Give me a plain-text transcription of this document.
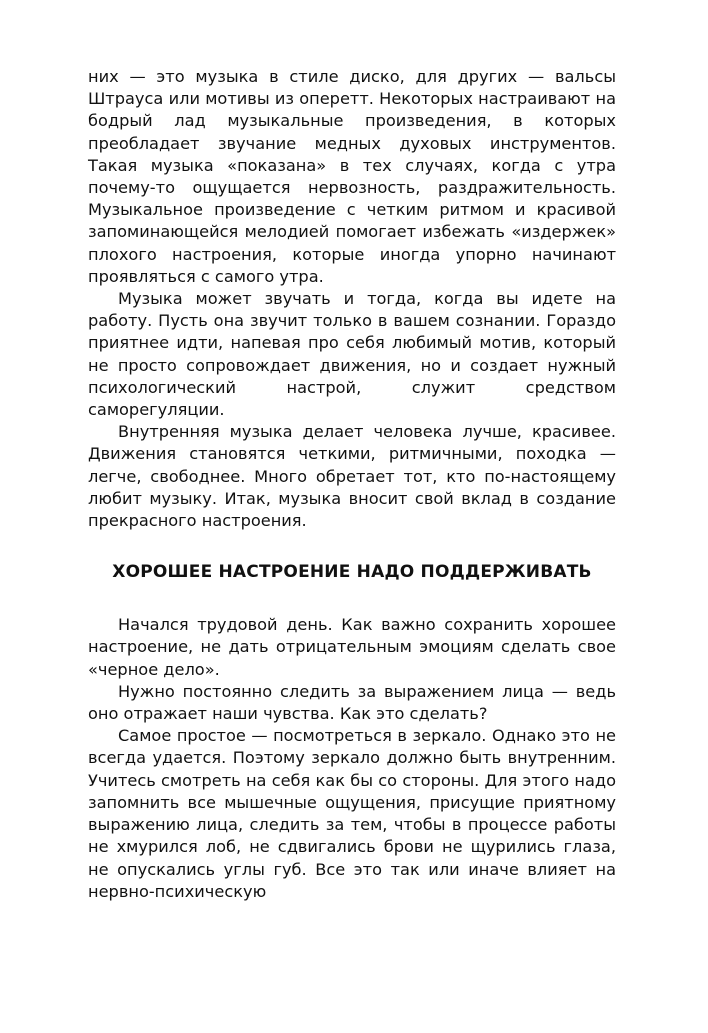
них — это музыка в стиле диско, для других — вальсы Штрауса или мотивы из оперетт. Некоторых настраивают на бодрый лад музыкальные произведения, в которых преобладает звучание медных духовых инструментов. Такая музыка «показана» в тех случаях, когда с утра почему-то ощущается нервозность, раздражительность. Музыкальное произведение с четким ритмом и красивой запоминающейся мелодией помогает избежать «издержек» плохого настроения, которые иногда упорно начинают проявляться с самого утра.

Музыка может звучать и тогда, когда вы идете на работу. Пусть она звучит только в вашем сознании. Гораздо приятнее идти, напевая про себя любимый мотив, который не просто сопровождает движения, но и создает нужный психологический настрой, служит средством саморегуляции.

Внутренняя музыка делает человека лучше, красивее. Движения становятся четкими, ритмичными, походка — легче, свободнее. Много обретает тот, кто по-настоящему любит музыку. Итак, музыка вносит свой вклад в создание прекрасного настроения.

ХОРОШЕЕ НАСТРОЕНИЕ НАДО ПОДДЕРЖИВАТЬ

Начался трудовой день. Как важно сохранить хорошее настроение, не дать отрицательным эмоциям сделать свое «черное дело».

Нужно постоянно следить за выражением лица — ведь оно отражает наши чувства. Как это сделать?

Самое простое — посмотреться в зеркало. Однако это не всегда удается. Поэтому зеркало должно быть внутренним. Учитесь смотреть на себя как бы со стороны. Для этого надо запомнить все мышечные ощущения, присущие приятному выражению лица, следить за тем, чтобы в процессе работы не хмурился лоб, не сдвигались брови не щурились глаза, не опускались углы губ. Все это так или иначе влияет на нервно-психическую
